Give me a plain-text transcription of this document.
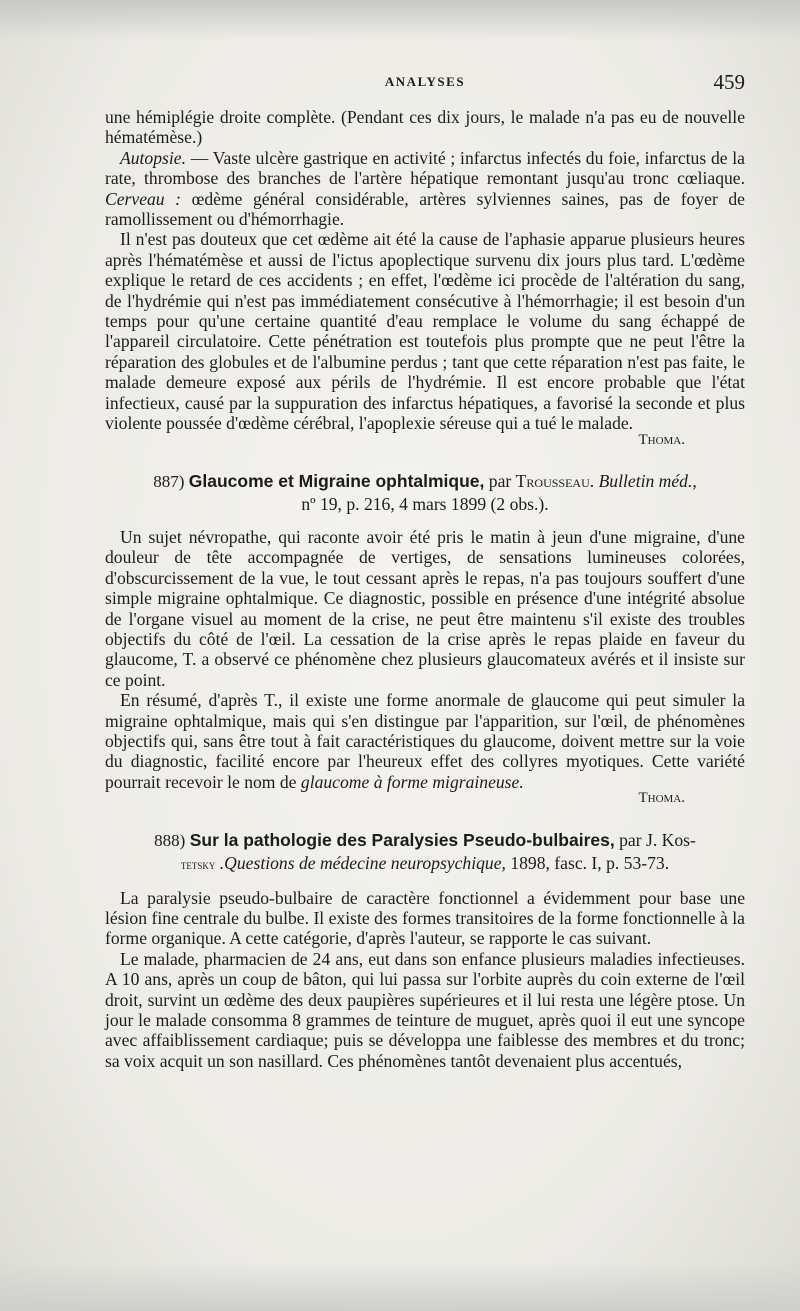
ANALYSES	459

une hémiplégie droite complète. (Pendant ces dix jours, le malade n'a pas eu de nouvelle hématémèse.)

Autopsie. — Vaste ulcère gastrique en activité ; infarctus infectés du foie, infarctus de la rate, thrombose des branches de l'artère hépatique remontant jusqu'au tronc cœliaque. Cerveau : œdème général considérable, artères sylviennes saines, pas de foyer de ramollissement ou d'hémorrhagie.

Il n'est pas douteux que cet œdème ait été la cause de l'aphasie apparue plusieurs heures après l'hématémèse et aussi de l'ictus apoplectique survenu dix jours plus tard. L'œdème explique le retard de ces accidents ; en effet, l'œdème ici procède de l'altération du sang, de l'hydrémie qui n'est pas immédiatement consécutive à l'hémorrhagie; il est besoin d'un temps pour qu'une certaine quantité d'eau remplace le volume du sang échappé de l'appareil circulatoire. Cette pénétration est toutefois plus prompte que ne peut l'être la réparation des globules et de l'albumine perdus ; tant que cette réparation n'est pas faite, le malade demeure exposé aux périls de l'hydrémie. Il est encore probable que l'état infectieux, causé par la suppuration des infarctus hépatiques, a favorisé la seconde et plus violente poussée d'œdème cérébral, l'apoplexie séreuse qui a tué le malade.

Thoma.

887) Glaucome et Migraine ophtalmique, par Trousseau. Bulletin méd.,
nº 19, p. 216, 4 mars 1899 (2 obs.).

Un sujet névropathe, qui raconte avoir été pris le matin à jeun d'une migraine, d'une douleur de tête accompagnée de vertiges, de sensations lumineuses colorées, d'obscurcissement de la vue, le tout cessant après le repas, n'a pas toujours souffert d'une simple migraine ophtalmique. Ce diagnostic, possible en présence d'une intégrité absolue de l'organe visuel au moment de la crise, ne peut être maintenu s'il existe des troubles objectifs du côté de l'œil. La cessation de la crise après le repas plaide en faveur du glaucome, T. a observé ce phénomène chez plusieurs glaucomateux avérés et il insiste sur ce point.

En résumé, d'après T., il existe une forme anormale de glaucome qui peut simuler la migraine ophtalmique, mais qui s'en distingue par l'apparition, sur l'œil, de phénomènes objectifs qui, sans être tout à fait caractéristiques du glaucome, doivent mettre sur la voie du diagnostic, facilité encore par l'heureux effet des collyres myotiques. Cette variété pourrait recevoir le nom de glaucome à forme migraineuse.

Thoma.

888) Sur la pathologie des Paralysies Pseudo-bulbaires, par J. Kos-
tetsky .Questions de médecine neuropsychique, 1898, fasc. I, p. 53-73.

La paralysie pseudo-bulbaire de caractère fonctionnel a évidemment pour base une lésion fine centrale du bulbe. Il existe des formes transitoires de la forme fonctionnelle à la forme organique. A cette catégorie, d'après l'auteur, se rapporte le cas suivant.

Le malade, pharmacien de 24 ans, eut dans son enfance plusieurs maladies infectieuses. A 10 ans, après un coup de bâton, qui lui passa sur l'orbite auprès du coin externe de l'œil droit, survint un œdème des deux paupières supérieures et il lui resta une légère ptose. Un jour le malade consomma 8 grammes de teinture de muguet, après quoi il eut une syncope avec affaiblissement cardiaque; puis se développa une faiblesse des membres et du tronc; sa voix acquit un son nasillard. Ces phénomènes tantôt devenaient plus accentués,
